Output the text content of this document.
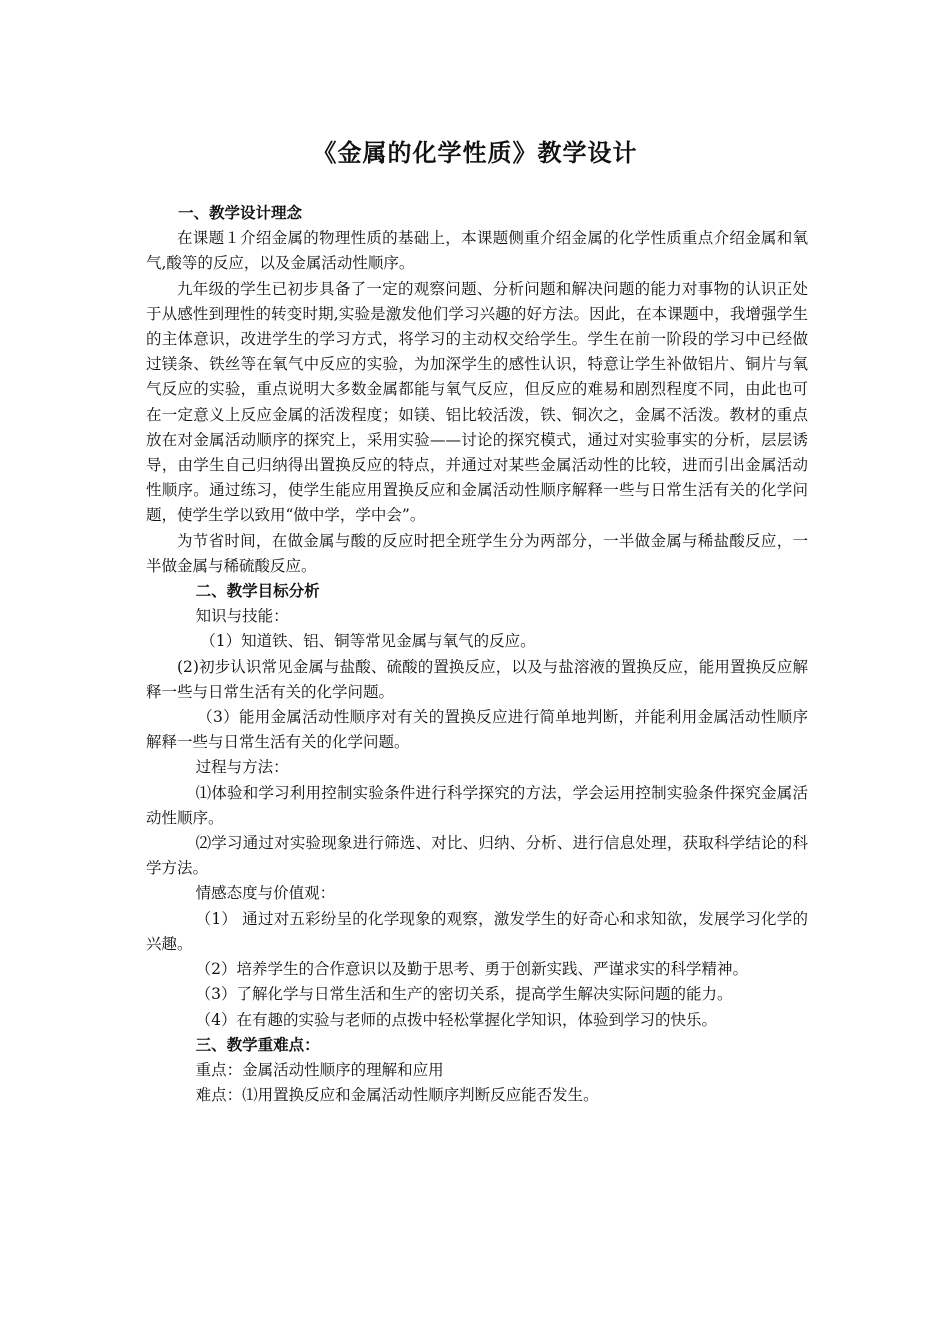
《金属的化学性质》教学设计

一、教学设计理念

在课题１介绍金属的物理性质的基础上，本课题侧重介绍金属的化学性质重点介绍金属和氧气,酸等的反应，以及金属活动性顺序。

九年级的学生已初步具备了一定的观察问题、分析问题和解决问题的能力对事物的认识正处于从感性到理性的转变时期,实验是激发他们学习兴趣的好方法。因此，在本课题中，我增强学生的主体意识，改进学生的学习方式，将学习的主动权交给学生。学生在前一阶段的学习中已经做过镁条、铁丝等在氧气中反应的实验，为加深学生的感性认识，特意让学生补做铝片、铜片与氧气反应的实验，重点说明大多数金属都能与氧气反应，但反应的难易和剧烈程度不同，由此也可在一定意义上反应金属的活泼程度；如镁、铝比较活泼，铁、铜次之，金属不活泼。教材的重点放在对金属活动顺序的探究上，采用实验——讨论的探究模式，通过对实验事实的分析，层层诱导，由学生自己归纳得出置换反应的特点，并通过对某些金属活动性的比较，进而引出金属活动性顺序。通过练习，使学生能应用置换反应和金属活动性顺序解释一些与日常生活有关的化学问题，使学生学以致用“做中学，学中会”。

为节省时间，在做金属与酸的反应时把全班学生分为两部分，一半做金属与稀盐酸反应，一半做金属与稀硫酸反应。

二、教学目标分析

知识与技能：

（1）知道铁、铝、铜等常见金属与氧气的反应。

(2)初步认识常见金属与盐酸、硫酸的置换反应，以及与盐溶液的置换反应，能用置换反应解释一些与日常生活有关的化学问题。

（3）能用金属活动性顺序对有关的置换反应进行简单地判断，并能利用金属活动性顺序解释一些与日常生活有关的化学问题。

过程与方法：

⑴体验和学习利用控制实验条件进行科学探究的方法，学会运用控制实验条件探究金属活动性顺序。

⑵学习通过对实验现象进行筛选、对比、归纳、分析、进行信息处理，获取科学结论的科学方法。

情感态度与价值观：

（1） 通过对五彩纷呈的化学现象的观察，激发学生的好奇心和求知欲，发展学习化学的兴趣。

（2）培养学生的合作意识以及勤于思考、勇于创新实践、严谨求实的科学精神。

（3）了解化学与日常生活和生产的密切关系，提高学生解决实际问题的能力。

（4）在有趣的实验与老师的点拨中轻松掌握化学知识，体验到学习的快乐。

三、教学重难点：

重点：金属活动性顺序的理解和应用

难点：⑴用置换反应和金属活动性顺序判断反应能否发生。
